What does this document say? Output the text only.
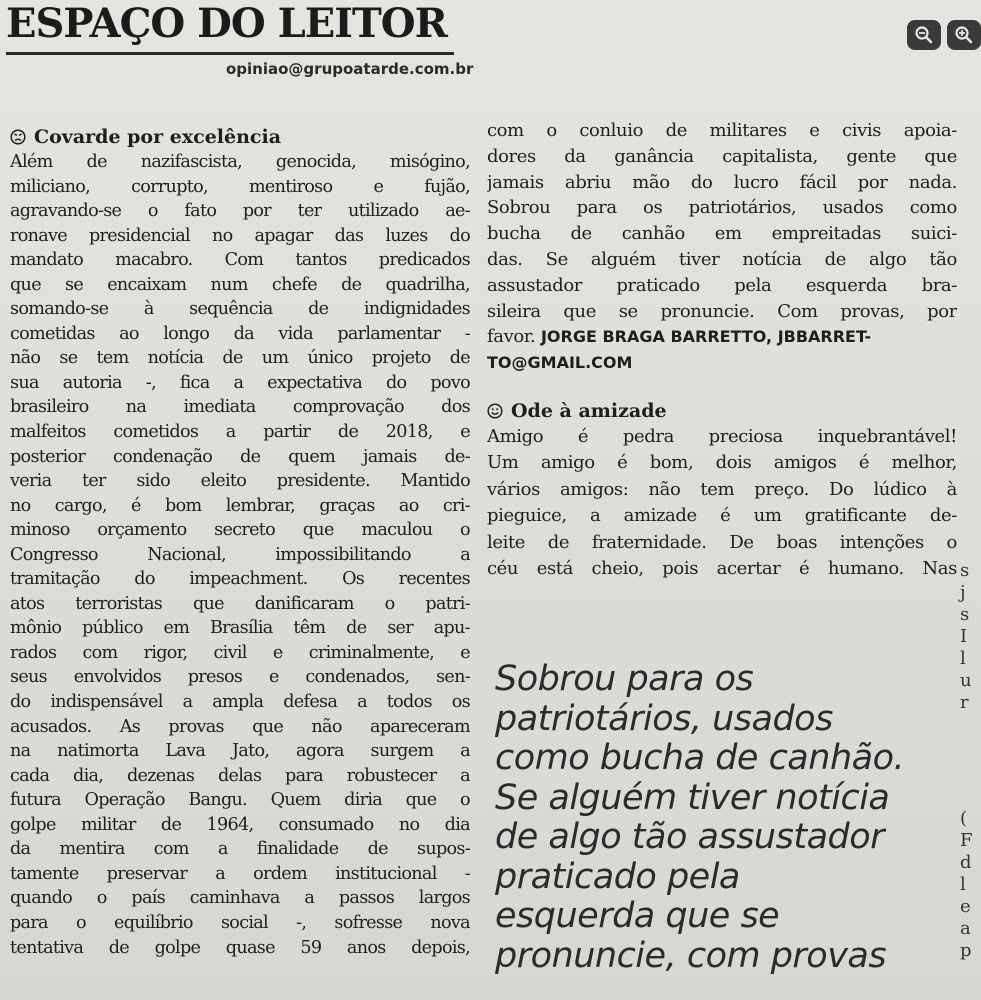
ESPAÇO DO LEITOR
opiniao@grupoatarde.com.br
Covarde por excelência
Além de nazifascista, genocida, misógino,
miliciano, corrupto, mentiroso e fujão,
agravando-se o fato por ter utilizado ae-
ronave presidencial no apagar das luzes do
mandato macabro. Com tantos predicados
que se encaixam num chefe de quadrilha,
somando-se à sequência de indignidades
cometidas ao longo da vida parlamentar -
não se tem notícia de um único projeto de
sua autoria -, fica a expectativa do povo
brasileiro na imediata comprovação dos
malfeitos cometidos a partir de 2018, e
posterior condenação de quem jamais de-
veria ter sido eleito presidente. Mantido
no cargo, é bom lembrar, graças ao cri-
minoso orçamento secreto que maculou o
Congresso	Nacional,	impossibilitando	a
tramitação do impeachment. Os recentes
atos terroristas que danificaram o patri-
mônio público em Brasília têm de ser apu-
rados com rigor, civil e criminalmente, e
seus envolvidos presos e condenados, sen-
do indispensável a ampla defesa a todos os
acusados. As provas que não apareceram
na natimorta Lava Jato, agora surgem a
cada dia, dezenas delas para robustecer a
futura Operação Bangu. Quem diria que o
golpe militar de 1964, consumado no dia
da mentira com a finalidade de supos-
tamente preservar a ordem institucional -
quando o país caminhava a passos largos
para o equilíbrio social -, sofresse nova
tentativa de golpe quase 59 anos depois,
com o conluio de militares e civis apoia-
dores da ganância capitalista, gente que
jamais abriu mão do lucro fácil por nada.
Sobrou para os patriotários, usados como
bucha de canhão em empreitadas suici-
das. Se alguém tiver notícia de algo tão
assustador praticado pela esquerda bra-
sileira que se pronuncie. Com provas, por
favor. JORGE BRAGA BARRETTO, JBBARRET-
TO@GMAIL.COM
Ode à amizade
Amigo é pedra preciosa inquebrantável!
Um amigo é bom, dois amigos é melhor,
vários amigos: não tem preço. Do lúdico à
pieguice, a amizade é um gratificante de-
leite de fraternidade. De boas intenções o
céu está cheio, pois acertar é humano. Nas
Sobrou para os
patriotários, usados
como bucha de canhão.
Se alguém tiver notícia
de algo tão assustador
praticado pela
esquerda que se
pronuncie, com provas
s
j
s
I
l
u
r
(
F
d
l
e
a
p
